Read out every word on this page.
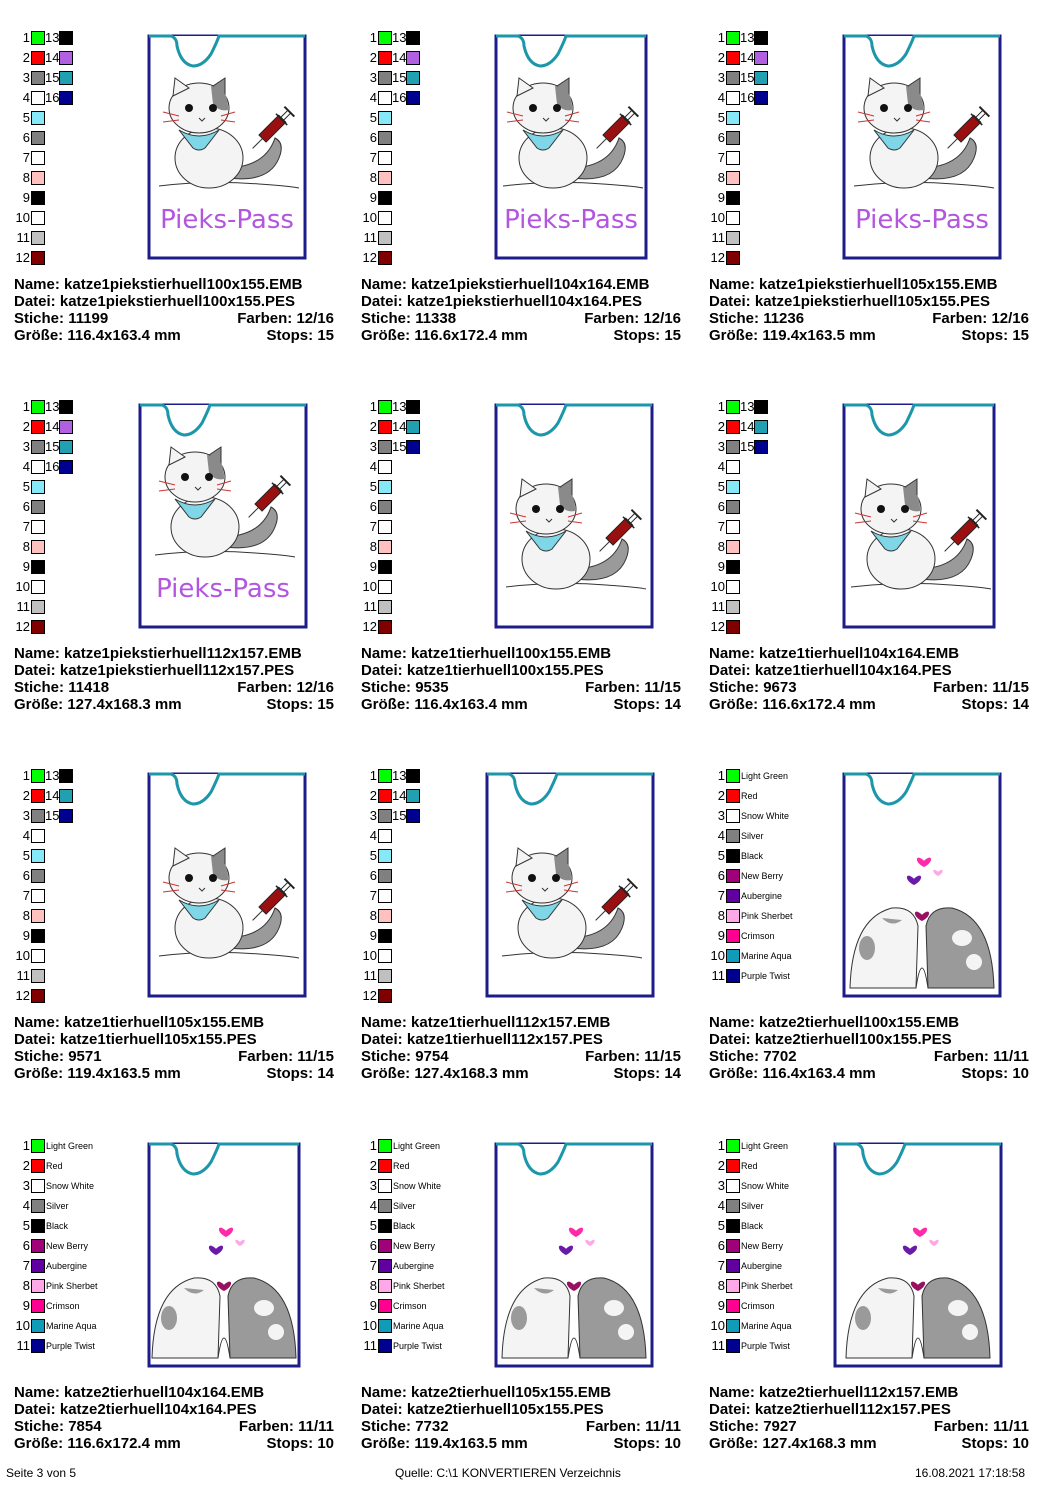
1 13
2 14
3 15
4 16
5
6
7
8
9
10
11
12
Pieks-Pass
Name: katze1piekstierhuell100x155.EMB
Datei: katze1piekstierhuell100x155.PES
Stiche: 11199	Farben: 12/16
Größe: 116.4x163.4 mm	Stops: 15
1 13
2 14
3 15
4 16
5
6
7
8
9
10
11
12
Pieks-Pass
Name: katze1piekstierhuell104x164.EMB
Datei: katze1piekstierhuell104x164.PES
Stiche: 11338	Farben: 12/16
Größe: 116.6x172.4 mm	Stops: 15
1 13
2 14
3 15
4 16
5
6
7
8
9
10
11
12
Pieks-Pass
Name: katze1piekstierhuell105x155.EMB
Datei: katze1piekstierhuell105x155.PES
Stiche: 11236	Farben: 12/16
Größe: 119.4x163.5 mm	Stops: 15
1 13
2 14
3 15
4 16
5
6
7
8
9
10
11
12
Pieks-Pass
Name: katze1piekstierhuell112x157.EMB
Datei: katze1piekstierhuell112x157.PES
Stiche: 11418	Farben: 12/16
Größe: 127.4x168.3 mm	Stops: 15
1 13
2 14
3 15
4
5
6
7
8
9
10
11
12
Name: katze1tierhuell100x155.EMB
Datei: katze1tierhuell100x155.PES
Stiche: 9535	Farben: 11/15
Größe: 116.4x163.4 mm	Stops: 14
1 13
2 14
3 15
4
5
6
7
8
9
10
11
12
Name: katze1tierhuell104x164.EMB
Datei: katze1tierhuell104x164.PES
Stiche: 9673	Farben: 11/15
Größe: 116.6x172.4 mm	Stops: 14
1 13
2 14
3 15
4
5
6
7
8
9
10
11
12
Name: katze1tierhuell105x155.EMB
Datei: katze1tierhuell105x155.PES
Stiche: 9571	Farben: 11/15
Größe: 119.4x163.5 mm	Stops: 14
1 13
2 14
3 15
4
5
6
7
8
9
10
11
12
Name: katze1tierhuell112x157.EMB
Datei: katze1tierhuell112x157.PES
Stiche: 9754	Farben: 11/15
Größe: 127.4x168.3 mm	Stops: 14
1 Light Green
2 Red
3 Snow White
4 Silver
5 Black
6 New Berry
7 Aubergine
8 Pink Sherbet
9 Crimson
10 Marine Aqua
11 Purple Twist
Name: katze2tierhuell100x155.EMB
Datei: katze2tierhuell100x155.PES
Stiche: 7702	Farben: 11/11
Größe: 116.4x163.4 mm	Stops: 10
1 Light Green
2 Red
3 Snow White
4 Silver
5 Black
6 New Berry
7 Aubergine
8 Pink Sherbet
9 Crimson
10 Marine Aqua
11 Purple Twist
Name: katze2tierhuell104x164.EMB
Datei: katze2tierhuell104x164.PES
Stiche: 7854	Farben: 11/11
Größe: 116.6x172.4 mm	Stops: 10
1 Light Green
2 Red
3 Snow White
4 Silver
5 Black
6 New Berry
7 Aubergine
8 Pink Sherbet
9 Crimson
10 Marine Aqua
11 Purple Twist
Name: katze2tierhuell105x155.EMB
Datei: katze2tierhuell105x155.PES
Stiche: 7732	Farben: 11/11
Größe: 119.4x163.5 mm	Stops: 10
1 Light Green
2 Red
3 Snow White
4 Silver
5 Black
6 New Berry
7 Aubergine
8 Pink Sherbet
9 Crimson
10 Marine Aqua
11 Purple Twist
Name: katze2tierhuell112x157.EMB
Datei: katze2tierhuell112x157.PES
Stiche: 7927	Farben: 11/11
Größe: 127.4x168.3 mm	Stops: 10
Seite 3 von 5	Quelle: C:\1 KONVERTIEREN Verzeichnis	16.08.2021 17:18:58
